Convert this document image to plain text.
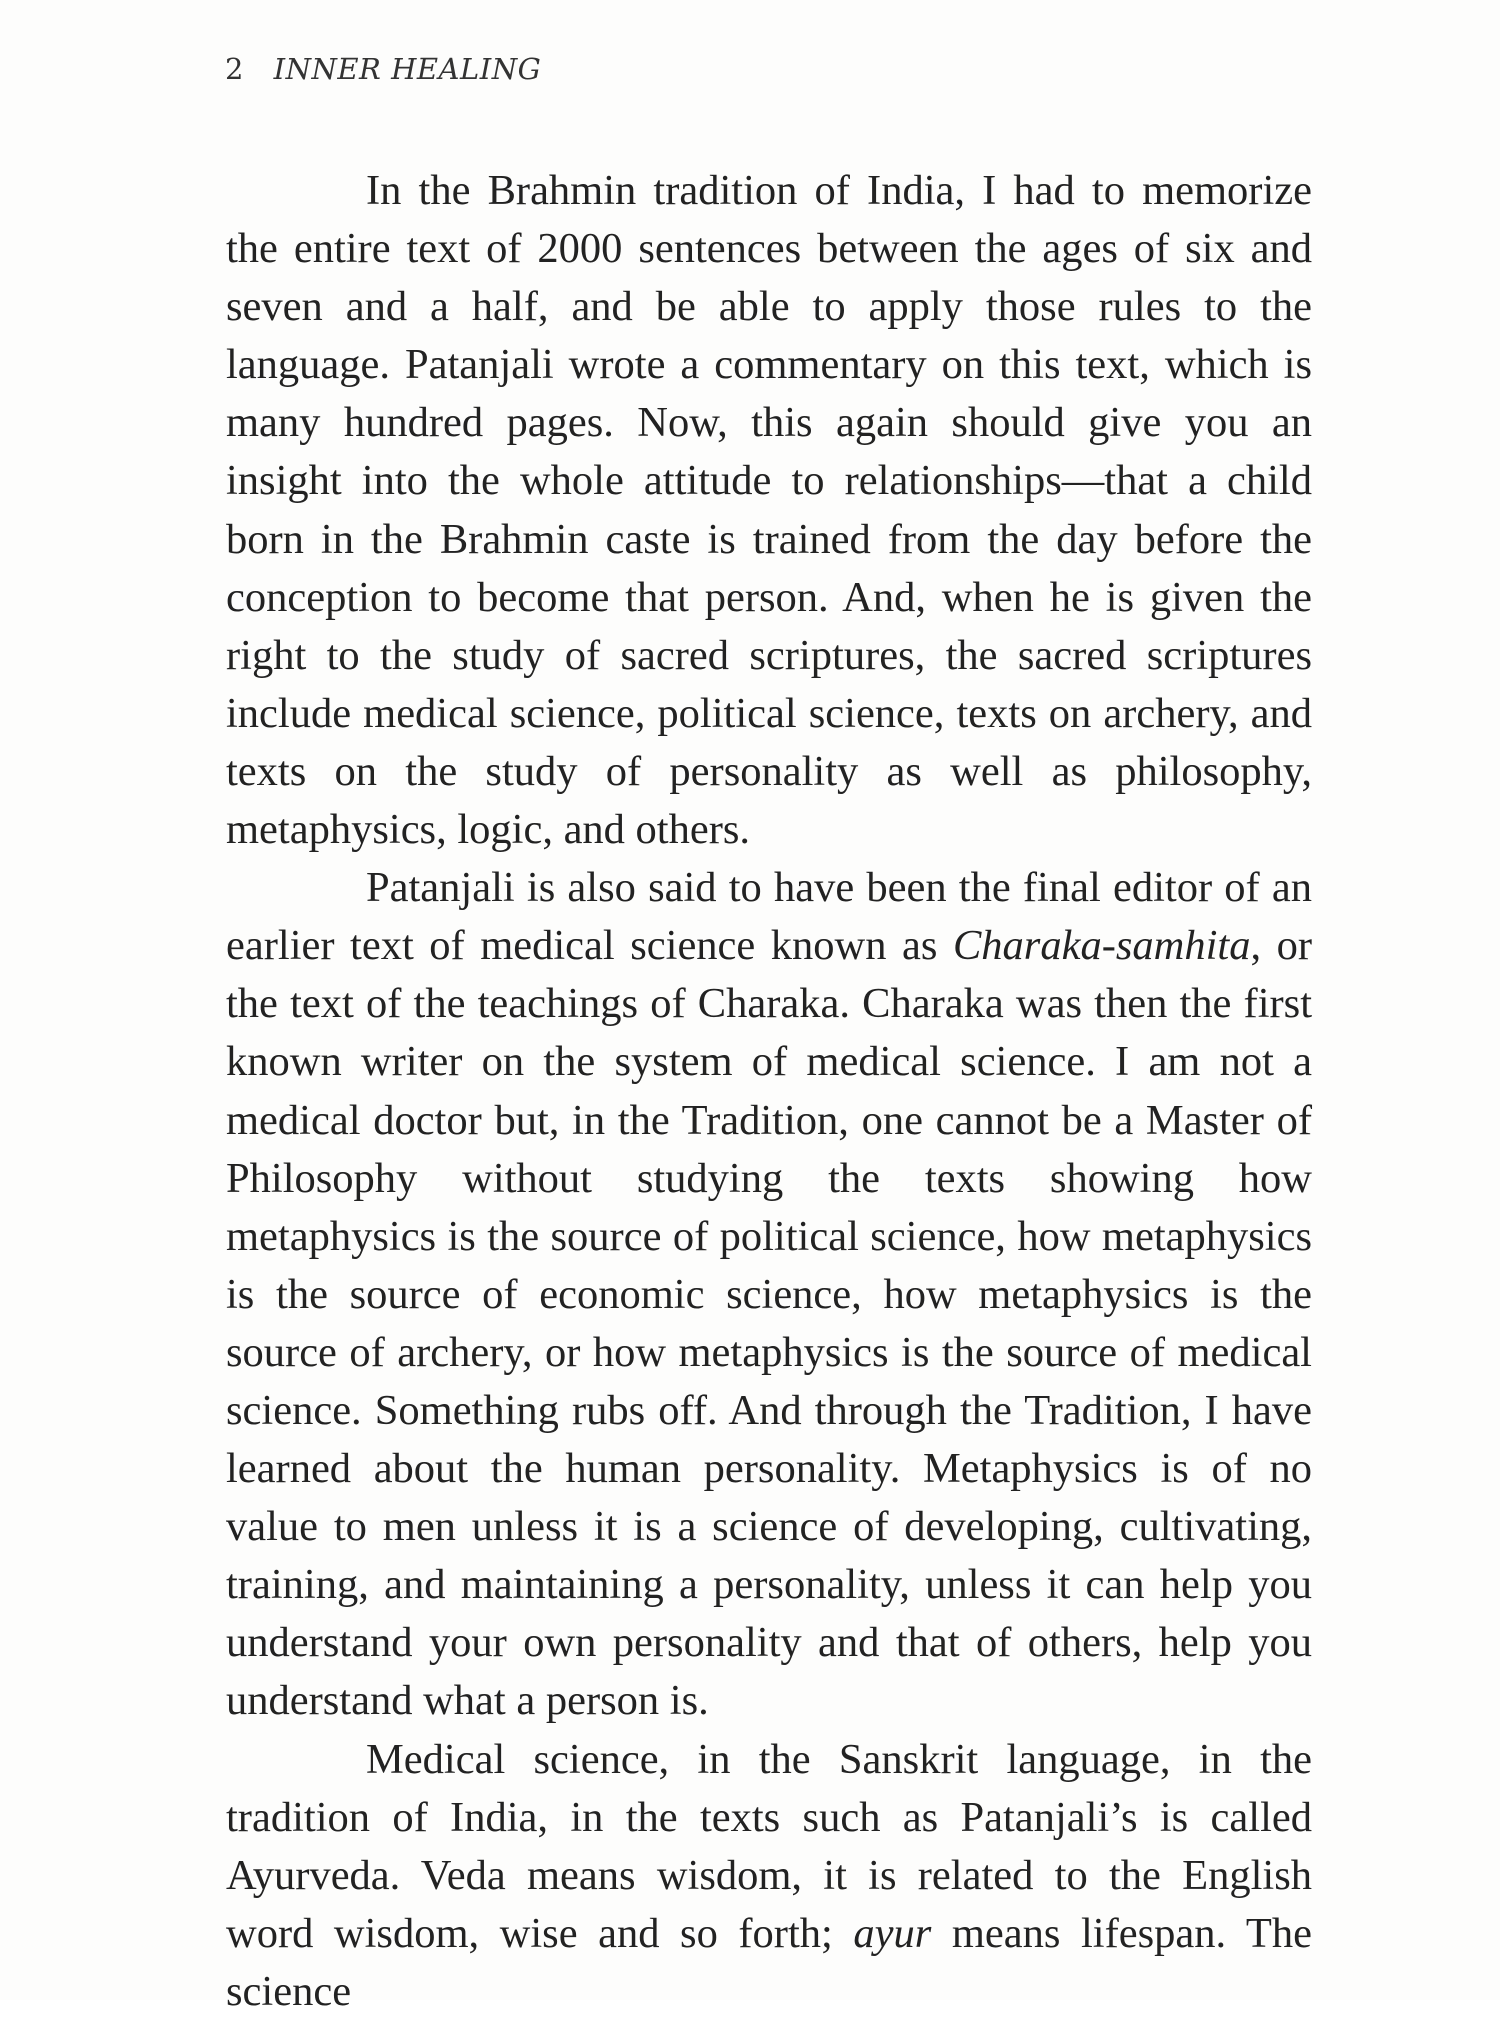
2 INNER HEALING

In the Brahmin tradition of India, I had to memorize the entire text of 2000 sentences between the ages of six and seven and a half, and be able to apply those rules to the language. Patanjali wrote a commentary on this text, which is many hundred pages. Now, this again should give you an insight into the whole attitude to relationships—that a child born in the Brahmin caste is trained from the day before the conception to become that person. And, when he is given the right to the study of sacred scriptures, the sacred scriptures include medical science, political science, texts on archery, and texts on the study of personality as well as philosophy, metaphysics, logic, and others.

Patanjali is also said to have been the final editor of an earlier text of medical science known as Charaka-samhita, or the text of the teachings of Charaka. Charaka was then the first known writer on the system of medical science. I am not a medical doctor but, in the Tradition, one cannot be a Master of Philosophy without studying the texts showing how metaphysics is the source of political science, how metaphysics is the source of economic science, how metaphysics is the source of archery, or how metaphysics is the source of medical science. Something rubs off. And through the Tradition, I have learned about the human personality. Metaphysics is of no value to men unless it is a science of developing, cultivating, training, and maintaining a personality, unless it can help you understand your own personality and that of others, help you understand what a person is.

Medical science, in the Sanskrit language, in the tradition of India, in the texts such as Patanjali’s is called Ayurveda. Veda means wisdom, it is related to the English word wisdom, wise and so forth; ayur means lifespan. The science
